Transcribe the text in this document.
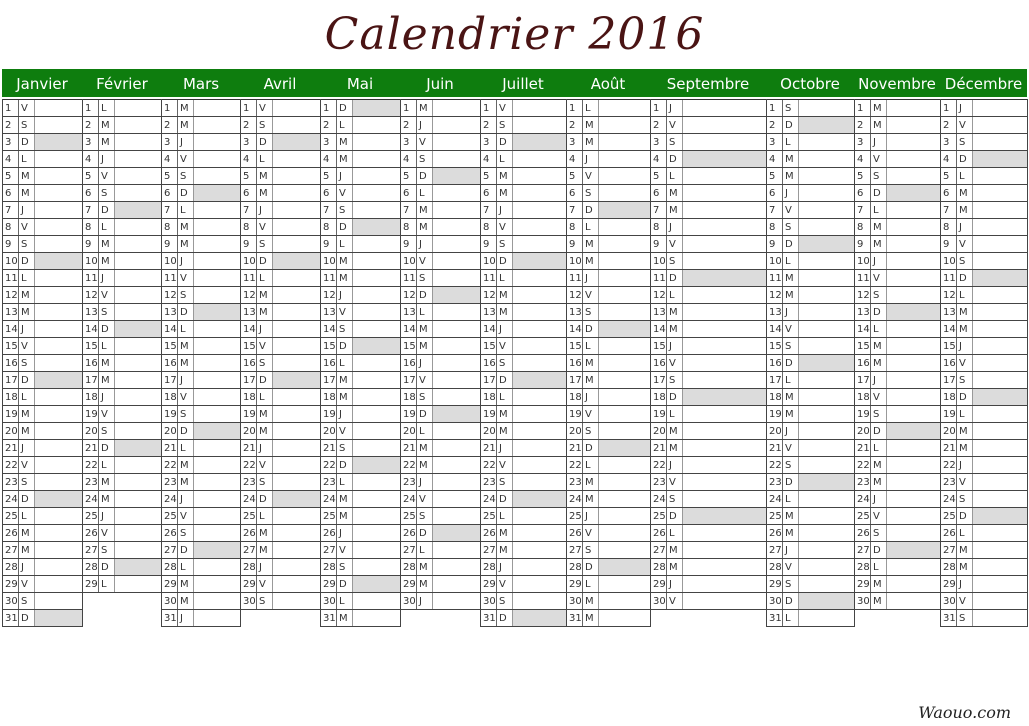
Calendrier 2016
Janvier
1 V
2 S
3 D
4 L
5 M
6 M
7 J
8 V
9 S
10 D
11 L
12 M
13 M
14 J
15 V
16 S
17 D
18 L
19 M
20 M
21 J
22 V
23 S
24 D
25 L
26 M
27 M
28 J
29 V
30 S
31 D
Février
1 L
2 M
3 M
4 J
5 V
6 S
7 D
8 L
9 M
10 M
11 J
12 V
13 S
14 D
15 L
16 M
17 M
18 J
19 V
20 S
21 D
22 L
23 M
24 M
25 J
26 V
27 S
28 D
29 L
Mars
1 M
2 M
3 J
4 V
5 S
6 D
7 L
8 M
9 M
10 J
11 V
12 S
13 D
14 L
15 M
16 M
17 J
18 V
19 S
20 D
21 L
22 M
23 M
24 J
25 V
26 S
27 D
28 L
29 M
30 M
31 J
Avril
1 V
2 S
3 D
4 L
5 M
6 M
7 J
8 V
9 S
10 D
11 L
12 M
13 M
14 J
15 V
16 S
17 D
18 L
19 M
20 M
21 J
22 V
23 S
24 D
25 L
26 M
27 M
28 J
29 V
30 S
Mai
1 D
2 L
3 M
4 M
5 J
6 V
7 S
8 D
9 L
10 M
11 M
12 J
13 V
14 S
15 D
16 L
17 M
18 M
19 J
20 V
21 S
22 D
23 L
24 M
25 M
26 J
27 V
28 S
29 D
30 L
31 M
Juin
1 M
2 J
3 V
4 S
5 D
6 L
7 M
8 M
9 J
10 V
11 S
12 D
13 L
14 M
15 M
16 J
17 V
18 S
19 D
20 L
21 M
22 M
23 J
24 V
25 S
26 D
27 L
28 M
29 M
30 J
Juillet
1 V
2 S
3 D
4 L
5 M
6 M
7 J
8 V
9 S
10 D
11 L
12 M
13 M
14 J
15 V
16 S
17 D
18 L
19 M
20 M
21 J
22 V
23 S
24 D
25 L
26 M
27 M
28 J
29 V
30 S
31 D
Août
1 L
2 M
3 M
4 J
5 V
6 S
7 D
8 L
9 M
10 M
11 J
12 V
13 S
14 D
15 L
16 M
17 M
18 J
19 V
20 S
21 D
22 L
23 M
24 M
25 J
26 V
27 S
28 D
29 L
30 M
31 M
Septembre
1 J
2 V
3 S
4 D
5 L
6 M
7 M
8 J
9 V
10 S
11 D
12 L
13 M
14 M
15 J
16 V
17 S
18 D
19 L
20 M
21 M
22 J
23 V
24 S
25 D
26 L
27 M
28 M
29 J
30 V
Octobre
1 S
2 D
3 L
4 M
5 M
6 J
7 V
8 S
9 D
10 L
11 M
12 M
13 J
14 V
15 S
16 D
17 L
18 M
19 M
20 J
21 V
22 S
23 D
24 L
25 M
26 M
27 J
28 V
29 S
30 D
31 L
Novembre
1 M
2 M
3 J
4 V
5 S
6 D
7 L
8 M
9 M
10 J
11 V
12 S
13 D
14 L
15 M
16 M
17 J
18 V
19 S
20 D
21 L
22 M
23 M
24 J
25 V
26 S
27 D
28 L
29 M
30 M
Décembre
1 J
2 V
3 S
4 D
5 L
6 M
7 M
8 J
9 V
10 S
11 D
12 L
13 M
14 M
15 J
16 V
17 S
18 D
19 L
20 M
21 M
22 J
23 V
24 S
25 D
26 L
27 M
28 M
29 J
30 V
31 S
Waouo.com
